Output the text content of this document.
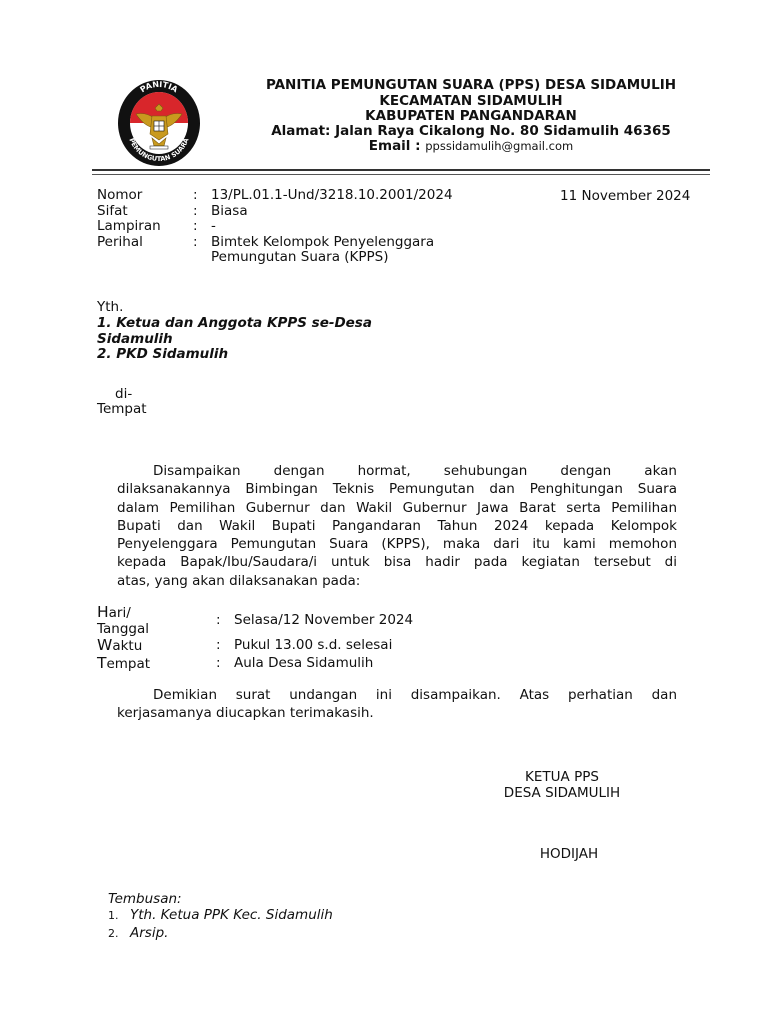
PANITIA
PEMUNGUTAN SUARA
PANITIA PEMUNGUTAN SUARA (PPS) DESA SIDAMULIH
KECAMATAN SIDAMULIH
KABUPATEN PANGANDARAN
Alamat: Jalan Raya Cikalong No. 80 Sidamulih 46365
Email : ppssidamulih@gmail.com
Nomor	: 13/PL.01.1-Und/3218.10.2001/2024	11 November 2024
Sifat	: Biasa
Lampiran : -
Perihal	: Bimtek Kelompok Penyelenggara
Pemungutan Suara (KPPS)
Yth.
1. Ketua dan Anggota KPPS se-Desa
Sidamulih
2. PKD Sidamulih
di-
Tempat
Disampaikan dengan hormat, sehubungan dengan akan
dilaksanakannya Bimbingan Teknis Pemungutan dan Penghitungan Suara
dalam Pemilihan Gubernur dan Wakil Gubernur Jawa Barat serta Pemilihan
Bupati dan Wakil Bupati Pangandaran Tahun 2024 kepada Kelompok
Penyelenggara Pemungutan Suara (KPPS), maka dari itu kami memohon
kepada Bapak/Ibu/Saudara/i untuk bisa hadir pada kegiatan tersebut di
atas, yang akan dilaksanakan pada:
Hari/
Tanggal
: Selasa/12 November 2024
Waktu	: Pukul 13.00 s.d. selesai
Tempat	: Aula Desa Sidamulih
Demikian surat undangan ini disampaikan. Atas perhatian dan
kerjasamanya diucapkan terimakasih.
KETUA PPS
DESA SIDAMULIH
HODIJAH
Tembusan:
1. Yth. Ketua PPK Kec. Sidamulih
2. Arsip.
